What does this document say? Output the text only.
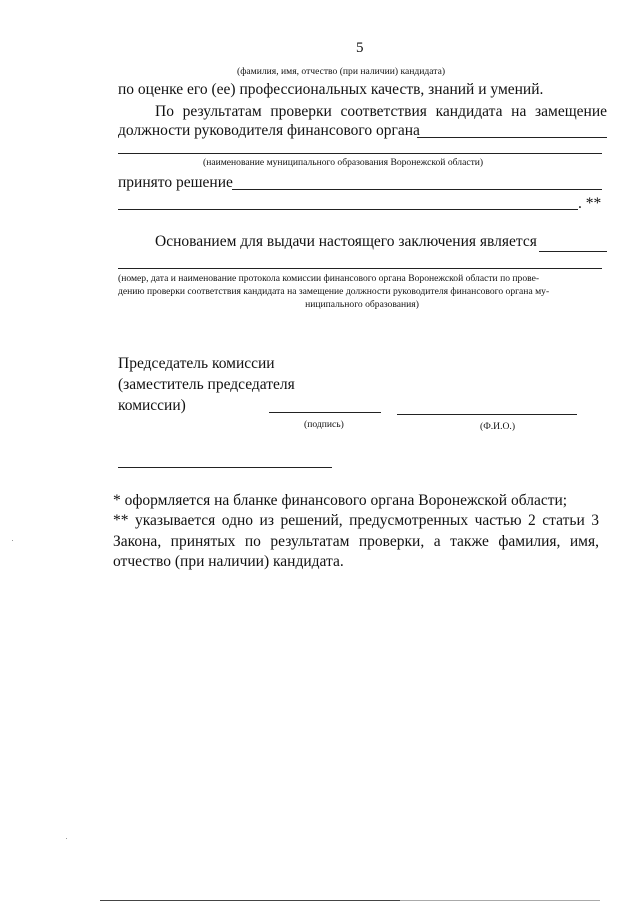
5
(фамилия, имя, отчество (при наличии) кандидата)
по оценке его (ее) профессиональных качеств, знаний и умений.
По результатам проверки соответствия кандидата на замещение
должности руководителя финансового органа
(наименование муниципального образования Воронежской области)
принято решение
. **
Основанием для выдачи настоящего заключения является
(номер, дата и наименование протокола комиссии финансового органа Воронежской области по прове-
дению проверки соответствия кандидата на замещение должности руководителя финансового органа му-
ниципального образования)
Председатель комиссии
(заместитель председателя
комиссии)
(подпись)	(Ф.И.О.)
* оформляется на бланке финансового органа Воронежской области;
** указывается одно из решений, предусмотренных частью 2 статьи 3 Закона, принятых по результатам проверки, а также фамилия, имя, отчество (при наличии) кандидата.
